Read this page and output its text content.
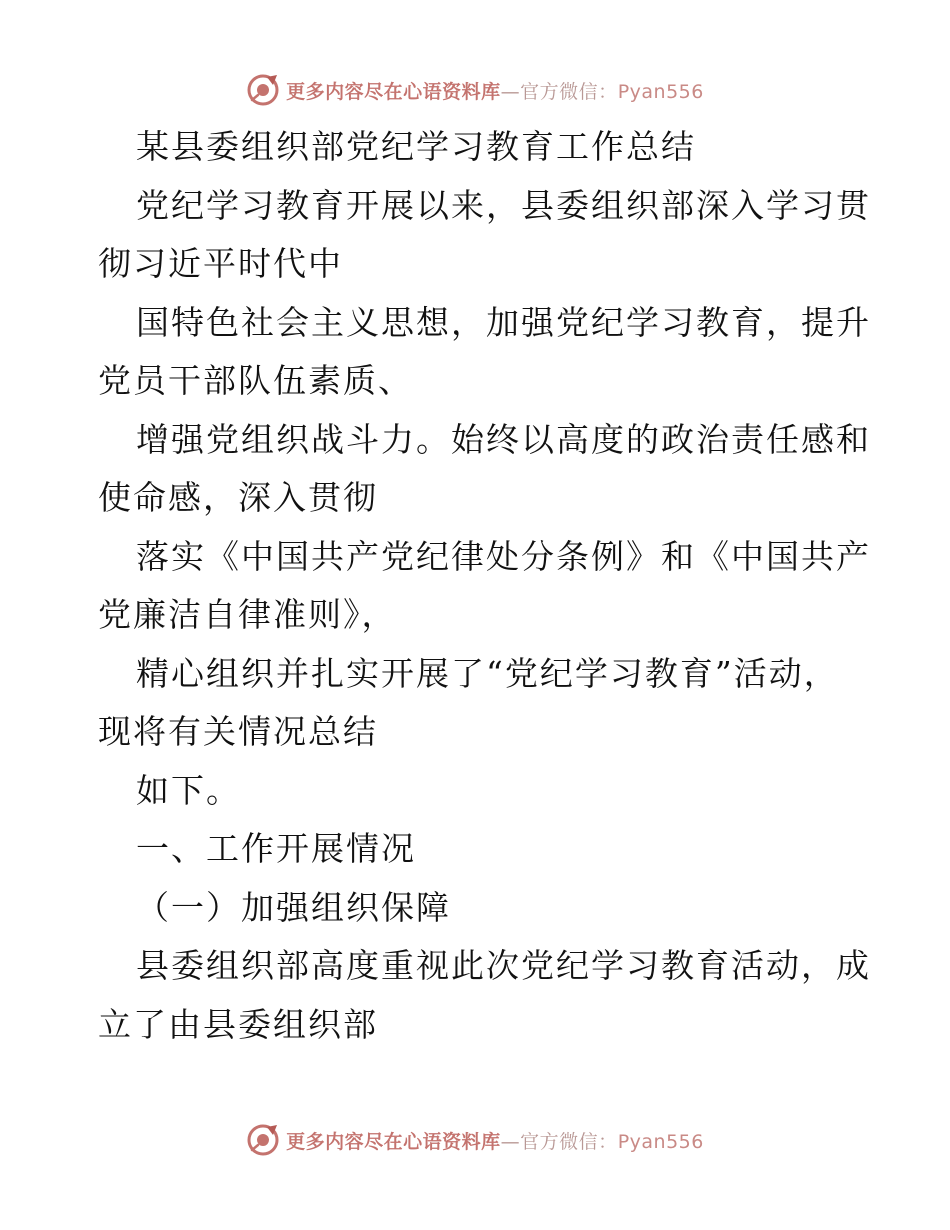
更多内容尽在心语资料库—官方微信：Pyan556
某县委组织部党纪学习教育工作总结
党纪学习教育开展以来，县委组织部深入学习贯
彻习近平时代中
国特色社会主义思想，加强党纪学习教育，提升
党员干部队伍素质、
增强党组织战斗力。始终以高度的政治责任感和
使命感，深入贯彻
落实《中国共产党纪律处分条例》和《中国共产
党廉洁自律准则》，
精心组织并扎实开展了“党纪学习教育”活动，
现将有关情况总结
如下。
一、工作开展情况
（一）加强组织保障
县委组织部高度重视此次党纪学习教育活动，成
立了由县委组织部
更多内容尽在心语资料库—官方微信：Pyan556
